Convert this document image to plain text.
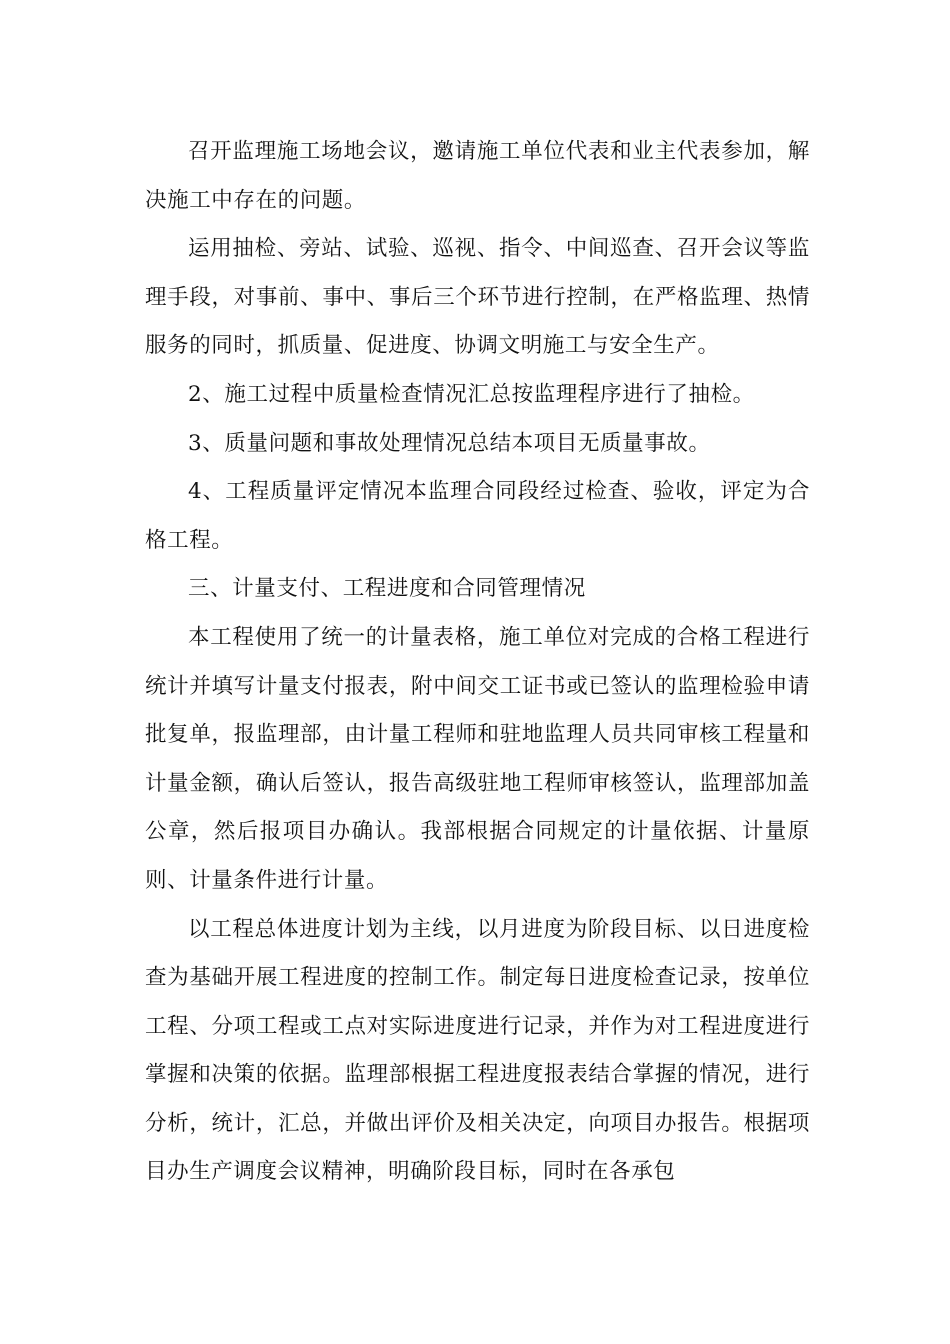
召开监理施工场地会议，邀请施工单位代表和业主代表参加，解决施工中存在的问题。

运用抽检、旁站、试验、巡视、指令、中间巡查、召开会议等监理手段，对事前、事中、事后三个环节进行控制，在严格监理、热情服务的同时，抓质量、促进度、协调文明施工与安全生产。

2、施工过程中质量检查情况汇总按监理程序进行了抽检。

3、质量问题和事故处理情况总结本项目无质量事故。

4、工程质量评定情况本监理合同段经过检查、验收，评定为合格工程。

三、计量支付、工程进度和合同管理情况

本工程使用了统一的计量表格，施工单位对完成的合格工程进行统计并填写计量支付报表，附中间交工证书或已签认的监理检验申请批复单，报监理部，由计量工程师和驻地监理人员共同审核工程量和计量金额，确认后签认，报告高级驻地工程师审核签认，监理部加盖公章，然后报项目办确认。我部根据合同规定的计量依据、计量原则、计量条件进行计量。

以工程总体进度计划为主线，以月进度为阶段目标、以日进度检查为基础开展工程进度的控制工作。制定每日进度检查记录，按单位工程、分项工程或工点对实际进度进行记录，并作为对工程进度进行掌握和决策的依据。监理部根据工程进度报表结合掌握的情况，进行分析，统计，汇总，并做出评价及相关决定，向项目办报告。根据项目办生产调度会议精神，明确阶段目标，同时在各承包
